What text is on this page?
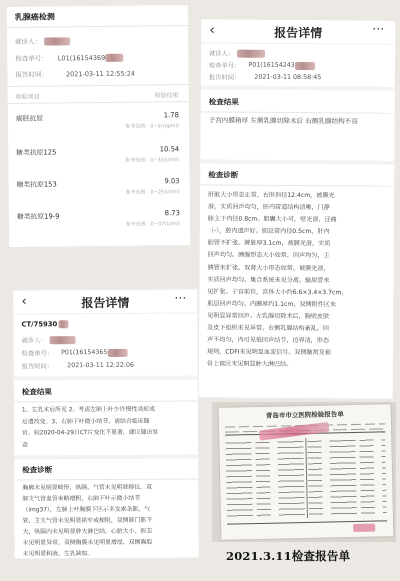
乳腺癌检测
就诊人：
检查单号： L01(16154369
报告时间：	2021-03-11 12:55:24
检验项目	检验结果
癌胚抗原	1.78
参考范围：0~5(ng/ml)
糖类抗原125	10.54
参考范围：0~35(U/ml)
糖类抗原153	9.03
参考范围：0~25(U/ml)
糖类抗原19-9	8.73
参考范围：0~37(U/ml)
‹	报告详情	⋯
就诊人：
检查单号： P01(16154243
报告时间： 2021-03-11 08:58:45
检查结果
子宫内膜稍厚 左侧乳腺切除术后 右侧乳腺结构不良
检查诊断
肝脏大小形态正常，右肝斜径12.4cm，被膜光
滑，实质回声均匀，肝内管道结构清晰，门静
脉主干内径0.8cm。胆囊大小可，壁光滑，汪痛
（-），腔内透声好。胆总管内径0.5cm，肝内
胆管不扩张。脾脏厚3.1cm，被膜光滑，实质
回声均匀。胰腺形态大小如常，回声均匀，主
胰管未扩张。双肾大小形态如常，被膜光滑，
实质回声均匀。集合系统未见分离。输尿管未
见扩张。子宫前位，宫体大小约6.6×3.4×3.7cm，
肌层回声均匀。内膜厚约1.1cm，双侧附件区未
见明显异常回声。左乳腺切除术后，胸壁皮肤
及皮下组织未见异常。右侧乳腺结构紊乱，回
声不均匀，内可见低回声结节，边界清，形态
规则，CDFI未见明显血流信号。双侧腋窝及锁
骨上窝区未见明显肿大淋巴结。
‹	报告详情	⋯
CT/ 75930
就诊人：
检查单号： P01(16154365
报告时间： 2021-03-11 12:22:06
检查结果
1、左乳术后所见 2、考虑左肺上叶少许慢性炎症或
后遗改变。3、右肺下叶微小结节，请结合临床随
访。较2020-04-29日CT片变化不显著，建议随访复
查
检查诊断
胸廓未见明显畸形，纵隔、气管未见明显移位。双
肺支气管血管束略增粗，右肺下叶示微小结节
（img37），左肺上叶胸膜下区示多发索条影，气
管、主支气管未见明显狭窄或梗阻，双侧肺门影不
大，纵隔内未见明显肿大淋巴结。心脏大小、形态
未见明显异常，双侧胸膜未见明显增厚，双侧胸腔
未见明显积液。左乳缺如。
青岛市市立医院检验报告单
2021.3.11检查报告单
